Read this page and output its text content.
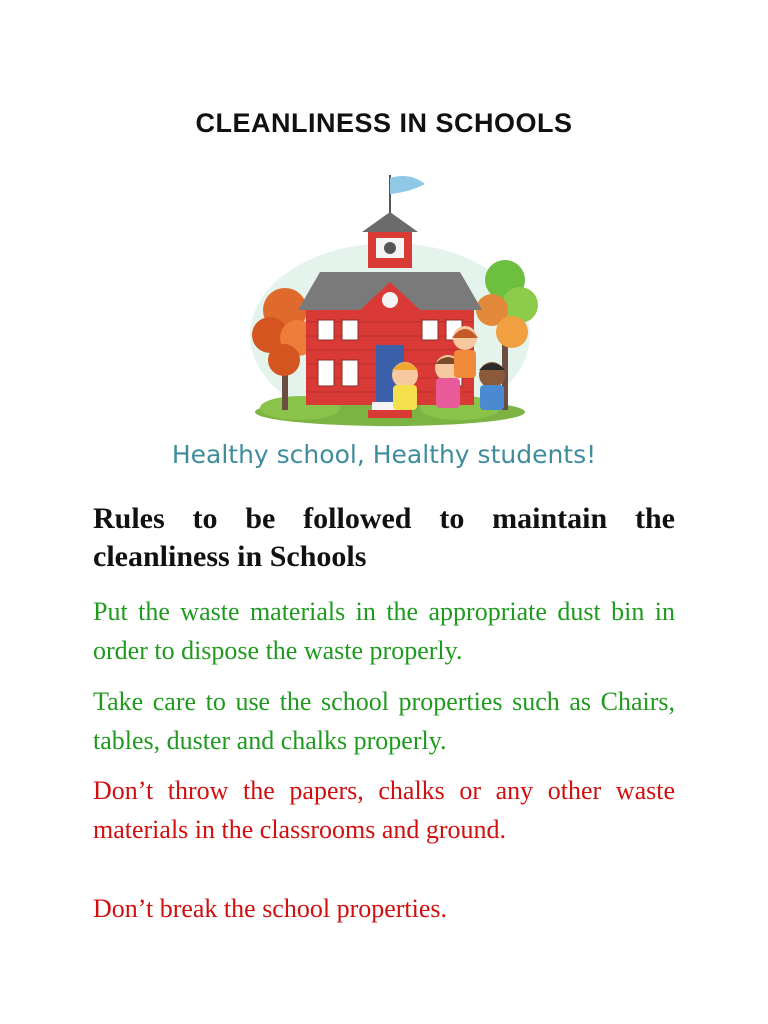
CLEANLINESS IN SCHOOLS
Healthy school, Healthy students!
Rules to be followed to maintain the cleanliness in Schools
Put the waste materials in the appropriate dust bin in order to dispose the waste properly.
Take care to use the school properties such as Chairs, tables, duster and chalks properly.
Don’t throw the papers, chalks or any other waste materials in the classrooms and ground.
Don’t break the school properties.
